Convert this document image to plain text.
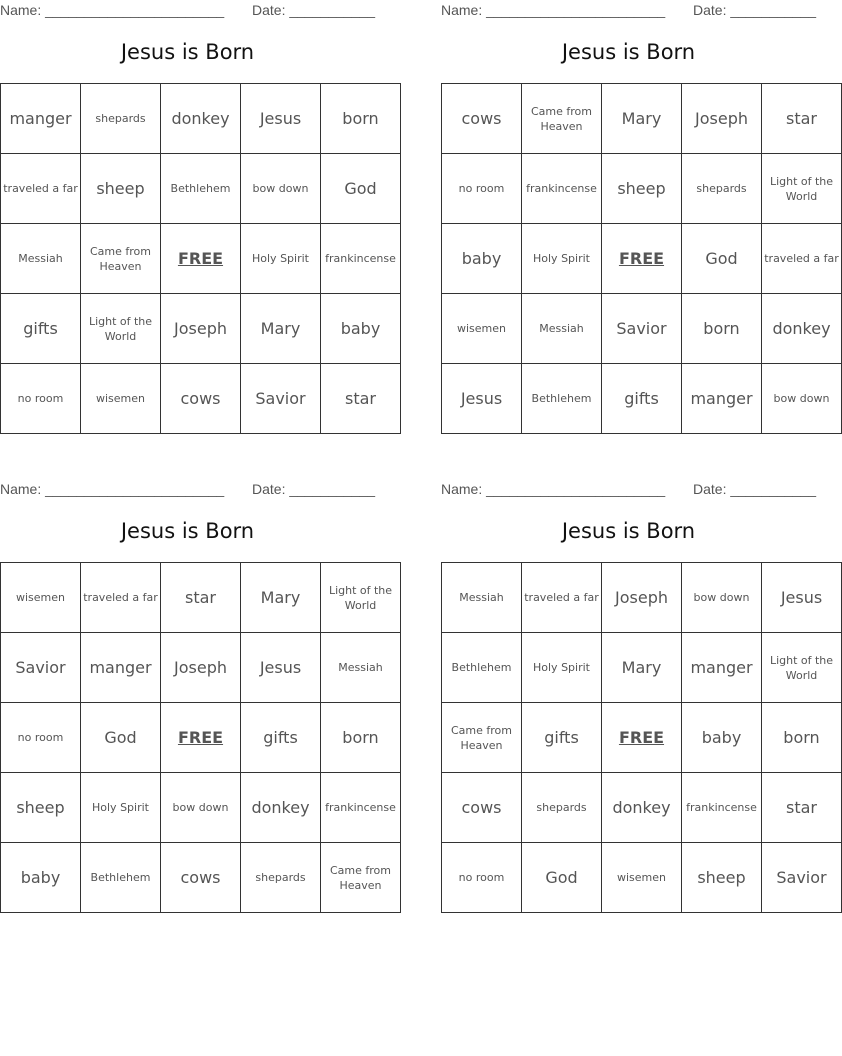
Name: _______________________ Date: ___________
Jesus is Born
manger	shepards	donkey	Jesus	born
traveled a far	sheep	Bethlehem	bow down	God
Messiah	Came from Heaven	FREE	Holy Spirit	frankincense
gifts	Light of the World	Joseph	Mary	baby
no room	wisemen	cows	Savior	star
Name: _______________________ Date: ___________
Jesus is Born
cows	Came from Heaven	Mary	Joseph	star
no room	frankincense	sheep	shepards	Light of the World
baby	Holy Spirit	FREE	God	traveled a far
wisemen	Messiah	Savior	born	donkey
Jesus	Bethlehem	gifts	manger	bow down
Name: _______________________ Date: ___________
Jesus is Born
wisemen	traveled a far	star	Mary	Light of the World
Savior	manger	Joseph	Jesus	Messiah
no room	God	FREE	gifts	born
sheep	Holy Spirit	bow down	donkey	frankincense
baby	Bethlehem	cows	shepards	Came from Heaven
Name: _______________________ Date: ___________
Jesus is Born
Messiah	traveled a far	Joseph	bow down	Jesus
Bethlehem	Holy Spirit	Mary	manger	Light of the World
Came from Heaven	gifts	FREE	baby	born
cows	shepards	donkey	frankincense	star
no room	God	wisemen	sheep	Savior
